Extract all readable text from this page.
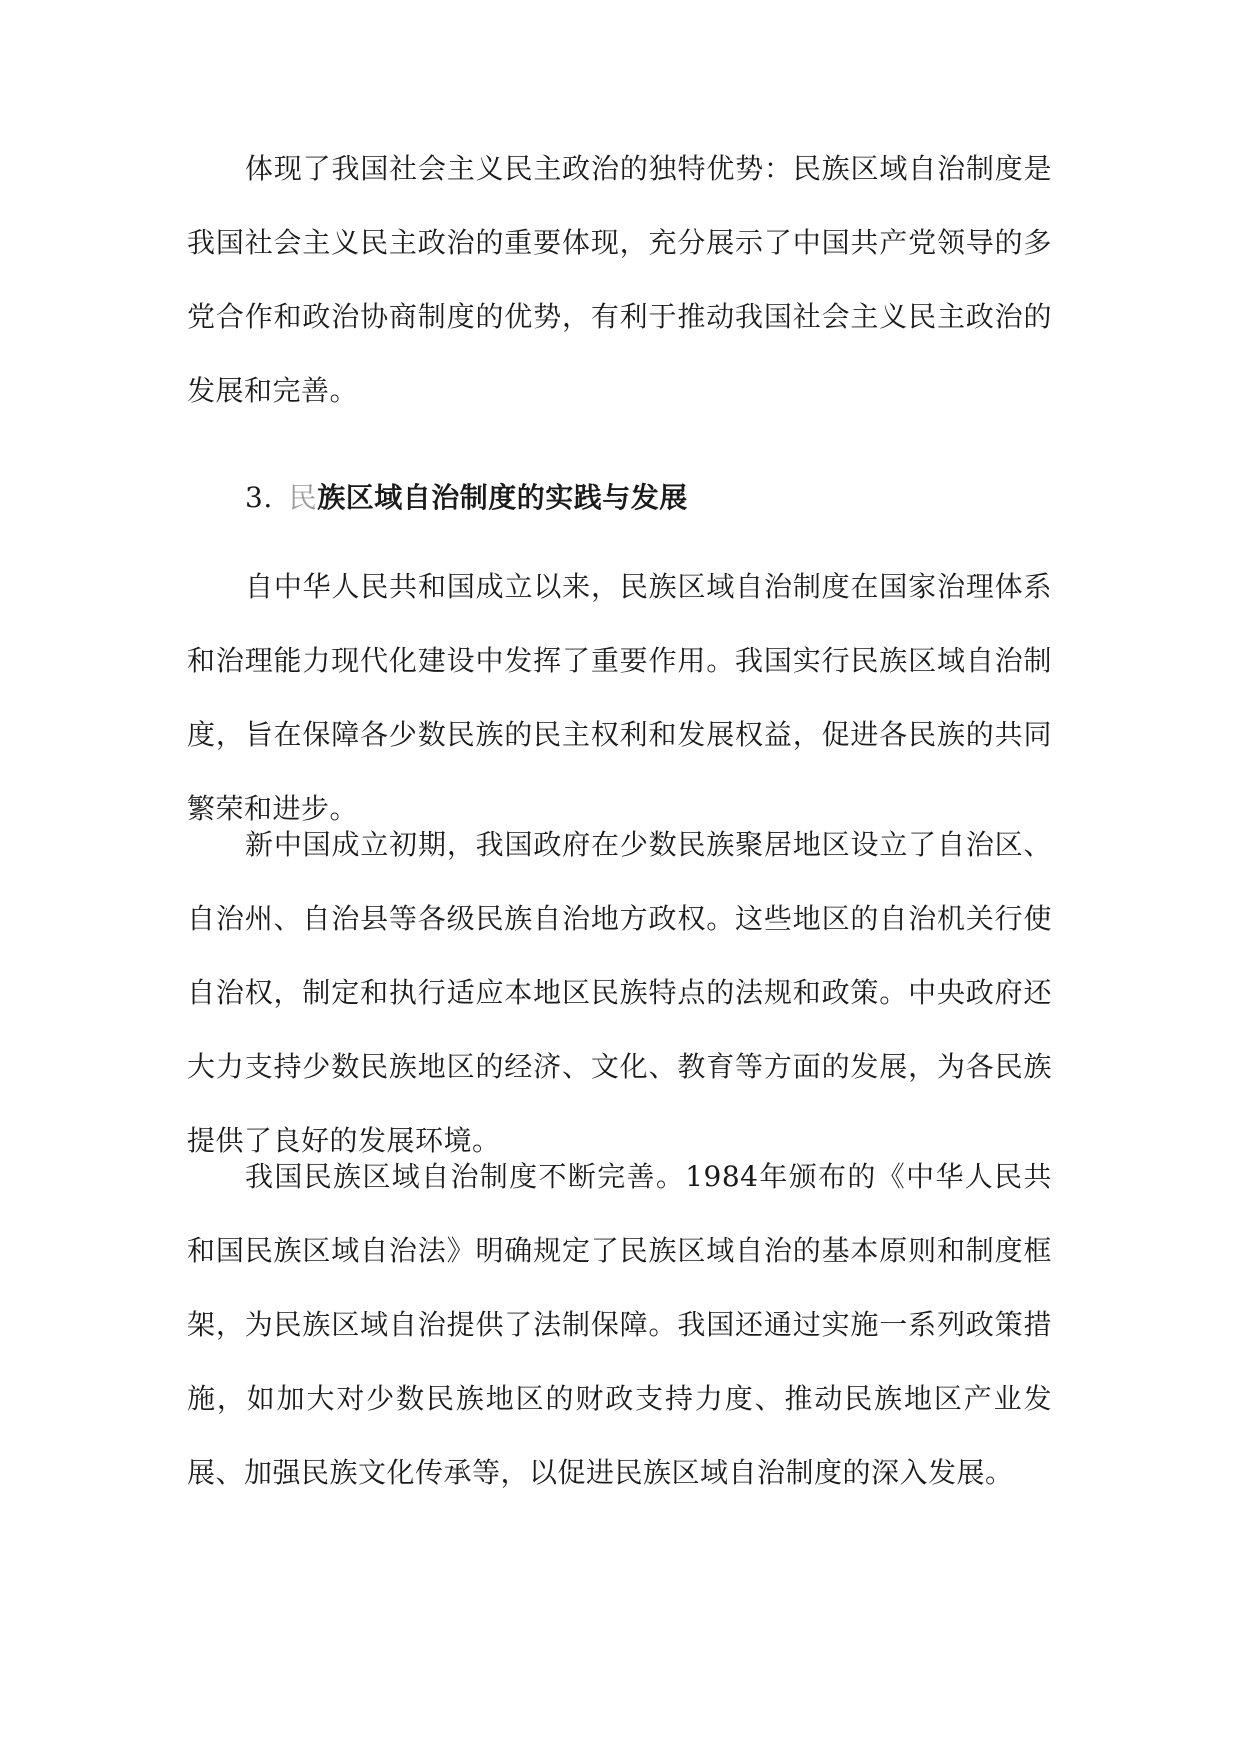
体现了我国社会主义民主政治的独特优势：民族区域自治制度是我国社会主义民主政治的重要体现，充分展示了中国共产党领导的多党合作和政治协商制度的优势，有利于推动我国社会主义民主政治的发展和完善。

3. 民族区域自治制度的实践与发展

自中华人民共和国成立以来，民族区域自治制度在国家治理体系和治理能力现代化建设中发挥了重要作用。我国实行民族区域自治制度，旨在保障各少数民族的民主权利和发展权益，促进各民族的共同繁荣和进步。

新中国成立初期，我国政府在少数民族聚居地区设立了自治区、自治州、自治县等各级民族自治地方政权。这些地区的自治机关行使自治权，制定和执行适应本地区民族特点的法规和政策。中央政府还大力支持少数民族地区的经济、文化、教育等方面的发展，为各民族提供了良好的发展环境。

我国民族区域自治制度不断完善。1984年颁布的《中华人民共和国民族区域自治法》明确规定了民族区域自治的基本原则和制度框架，为民族区域自治提供了法制保障。我国还通过实施一系列政策措施，如加大对少数民族地区的财政支持力度、推动民族地区产业发展、加强民族文化传承等，以促进民族区域自治制度的深入发展。
